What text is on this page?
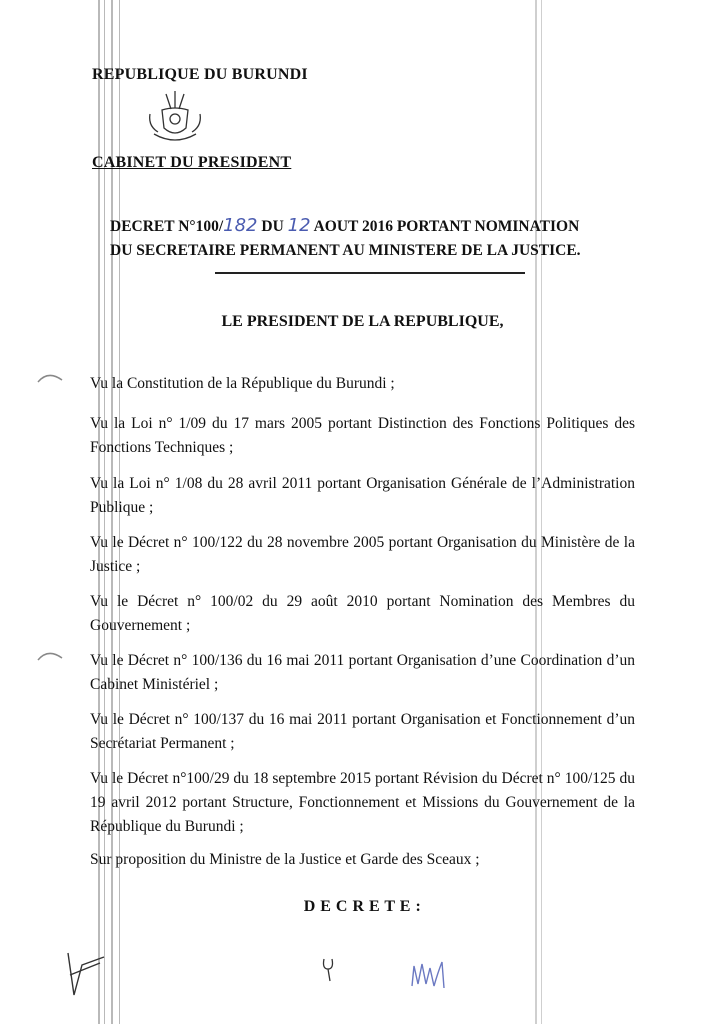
REPUBLIQUE DU BURUNDI
CABINET DU PRESIDENT

DECRET N°100/182 DU 12 AOUT 2016 PORTANT NOMINATION
DU SECRETAIRE PERMANENT AU MINISTERE DE LA JUSTICE.

LE PRESIDENT DE LA REPUBLIQUE,

Vu la Constitution de la République du Burundi ;

Vu la Loi n° 1/09 du 17 mars 2005 portant Distinction des Fonctions Politiques des Fonctions Techniques ;

Vu la Loi n° 1/08 du 28 avril 2011 portant Organisation Générale de l’Administration Publique ;

Vu le Décret n° 100/122 du 28 novembre 2005 portant Organisation du Ministère de la Justice ;

Vu le Décret n° 100/02 du 29 août 2010 portant Nomination des Membres du Gouvernement ;

Vu le Décret n° 100/136 du 16 mai 2011 portant Organisation d’une Coordination d’un Cabinet Ministériel ;

Vu le Décret n° 100/137 du 16 mai 2011 portant Organisation et Fonctionnement d’un Secrétariat Permanent ;

Vu le Décret n°100/29 du 18 septembre 2015 portant Révision du Décret n° 100/125 du 19 avril 2012 portant Structure, Fonctionnement et Missions du Gouvernement de la République du Burundi ;

Sur proposition du Ministre de la Justice et Garde des Sceaux ;

D E C R E T E :
